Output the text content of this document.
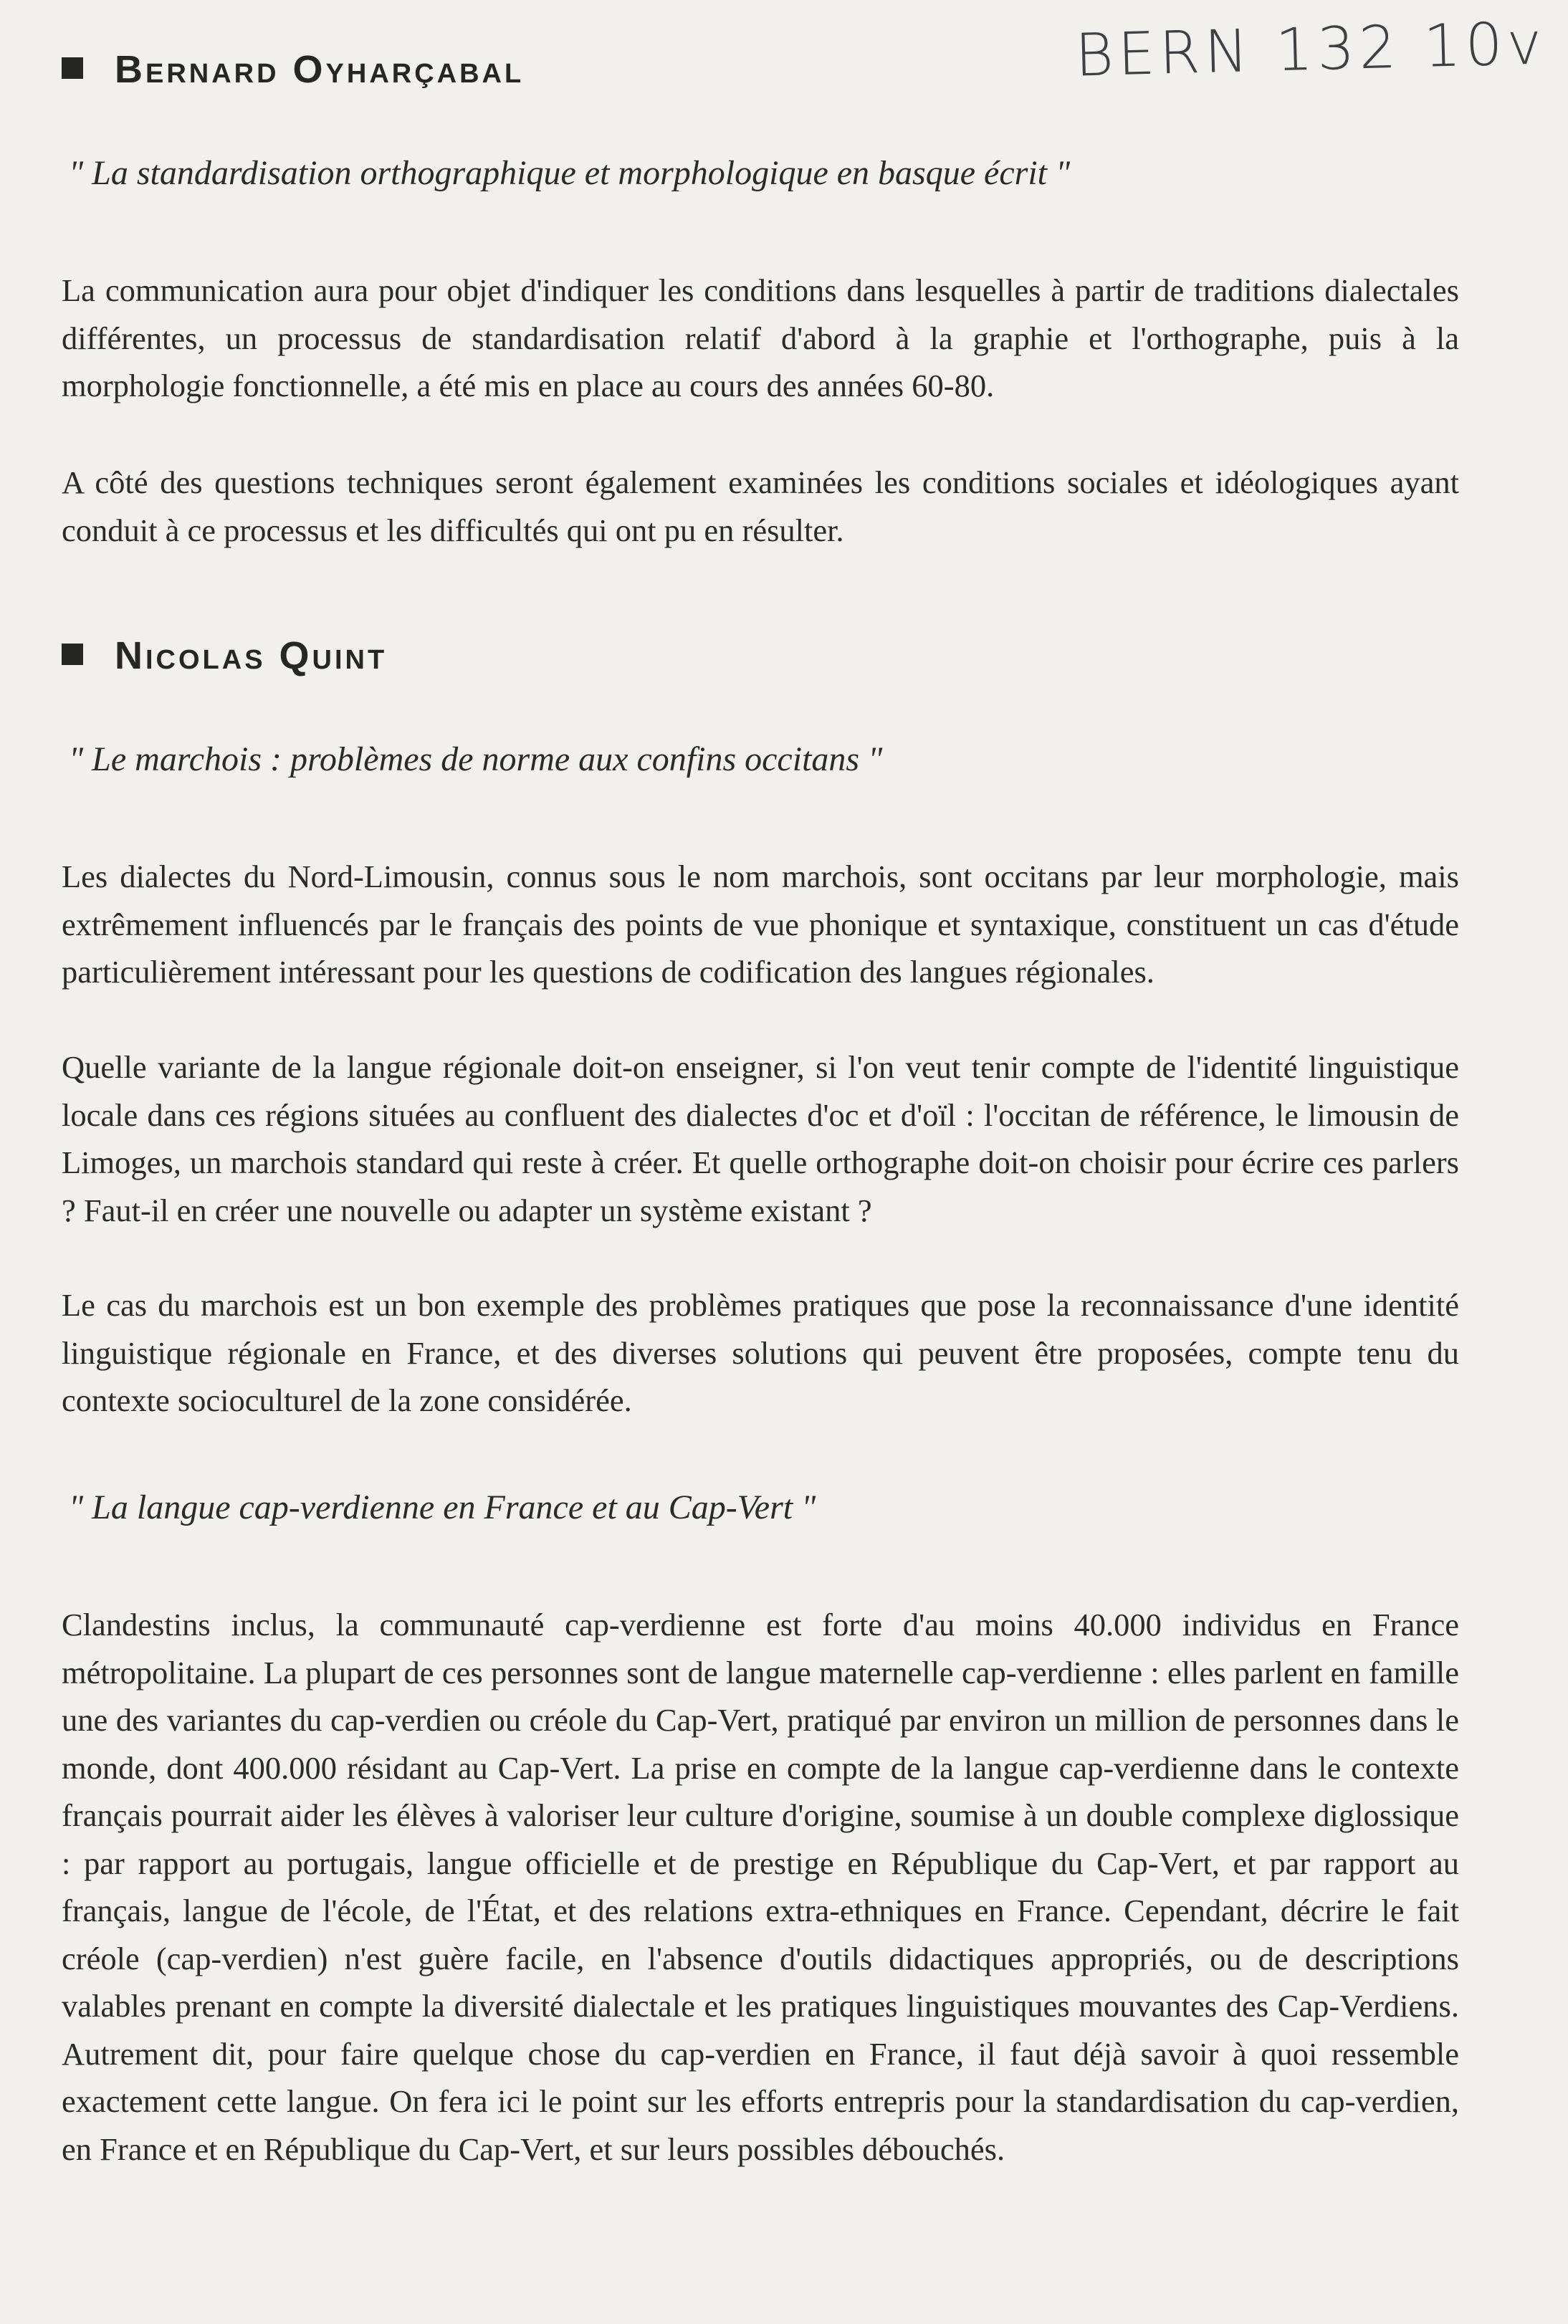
BERN 132 10v
Bernard Oyharçabal
" La standardisation orthographique et morphologique en basque écrit "

La communication aura pour objet d'indiquer les conditions dans lesquelles à partir de traditions dialectales différentes, un processus de standardisation relatif d'abord à la graphie et l'orthographe, puis à la morphologie fonctionnelle, a été mis en place au cours des années 60-80.

A côté des questions techniques seront également examinées les conditions sociales et idéologiques ayant conduit à ce processus et les difficultés qui ont pu en résulter.

Nicolas Quint
" Le marchois : problèmes de norme aux confins occitans "

Les dialectes du Nord-Limousin, connus sous le nom marchois, sont occitans par leur morphologie, mais extrêmement influencés par le français des points de vue phonique et syntaxique, constituent un cas d'étude particulièrement intéressant pour les questions de codification des langues régionales.

Quelle variante de la langue régionale doit-on enseigner, si l'on veut tenir compte de l'identité linguistique locale dans ces régions situées au confluent des dialectes d'oc et d'oïl : l'occitan de référence, le limousin de Limoges, un marchois standard qui reste à créer. Et quelle orthographe doit-on choisir pour écrire ces parlers ? Faut-il en créer une nouvelle ou adapter un système existant ?

Le cas du marchois est un bon exemple des problèmes pratiques que pose la reconnaissance d'une identité linguistique régionale en France, et des diverses solutions qui peuvent être proposées, compte tenu du contexte socioculturel de la zone considérée.

" La langue cap-verdienne en France et au Cap-Vert "

Clandestins inclus, la communauté cap-verdienne est forte d'au moins 40.000 individus en France métropolitaine. La plupart de ces personnes sont de langue maternelle cap-verdienne : elles parlent en famille une des variantes du cap-verdien ou créole du Cap-Vert, pratiqué par environ un million de personnes dans le monde, dont 400.000 résidant au Cap-Vert. La prise en compte de la langue cap-verdienne dans le contexte français pourrait aider les élèves à valoriser leur culture d'origine, soumise à un double complexe diglossique : par rapport au portugais, langue officielle et de prestige en République du Cap-Vert, et par rapport au français, langue de l'école, de l'État, et des relations extra-ethniques en France. Cependant, décrire le fait créole (cap-verdien) n'est guère facile, en l'absence d'outils didactiques appropriés, ou de descriptions valables prenant en compte la diversité dialectale et les pratiques linguistiques mouvantes des Cap-Verdiens. Autrement dit, pour faire quelque chose du cap-verdien en France, il faut déjà savoir à quoi ressemble exactement cette langue. On fera ici le point sur les efforts entrepris pour la standardisation du cap-verdien, en France et en République du Cap-Vert, et sur leurs possibles débouchés.
